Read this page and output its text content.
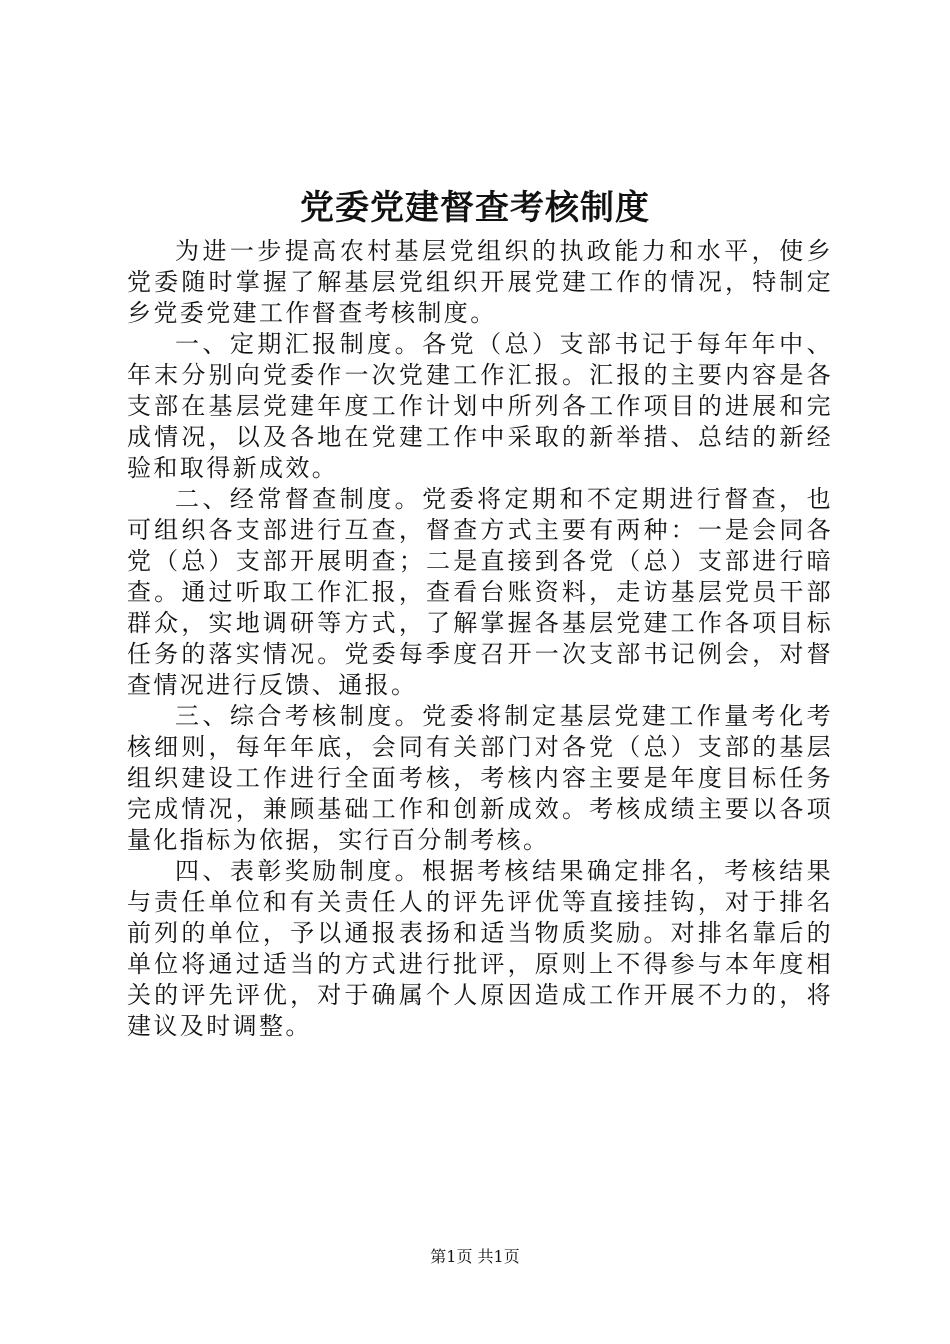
党委党建督查考核制度

为进一步提高农村基层党组织的执政能力和水平，使乡党委随时掌握了解基层党组织开展党建工作的情况，特制定乡党委党建工作督查考核制度。

一、定期汇报制度。各党（总）支部书记于每年年中、年末分别向党委作一次党建工作汇报。汇报的主要内容是各支部在基层党建年度工作计划中所列各工作项目的进展和完成情况，以及各地在党建工作中采取的新举措、总结的新经验和取得新成效。

二、经常督查制度。党委将定期和不定期进行督查，也可组织各支部进行互查，督查方式主要有两种：一是会同各党（总）支部开展明查；二是直接到各党（总）支部进行暗查。通过听取工作汇报，查看台账资料，走访基层党员干部群众，实地调研等方式，了解掌握各基层党建工作各项目标任务的落实情况。党委每季度召开一次支部书记例会，对督查情况进行反馈、通报。

三、综合考核制度。党委将制定基层党建工作量考化考核细则，每年年底，会同有关部门对各党（总）支部的基层组织建设工作进行全面考核，考核内容主要是年度目标任务完成情况，兼顾基础工作和创新成效。考核成绩主要以各项量化指标为依据，实行百分制考核。

四、表彰奖励制度。根据考核结果确定排名，考核结果与责任单位和有关责任人的评先评优等直接挂钩，对于排名前列的单位，予以通报表扬和适当物质奖励。对排名靠后的单位将通过适当的方式进行批评，原则上不得参与本年度相关的评先评优，对于确属个人原因造成工作开展不力的，将建议及时调整。

第1页 共1页
